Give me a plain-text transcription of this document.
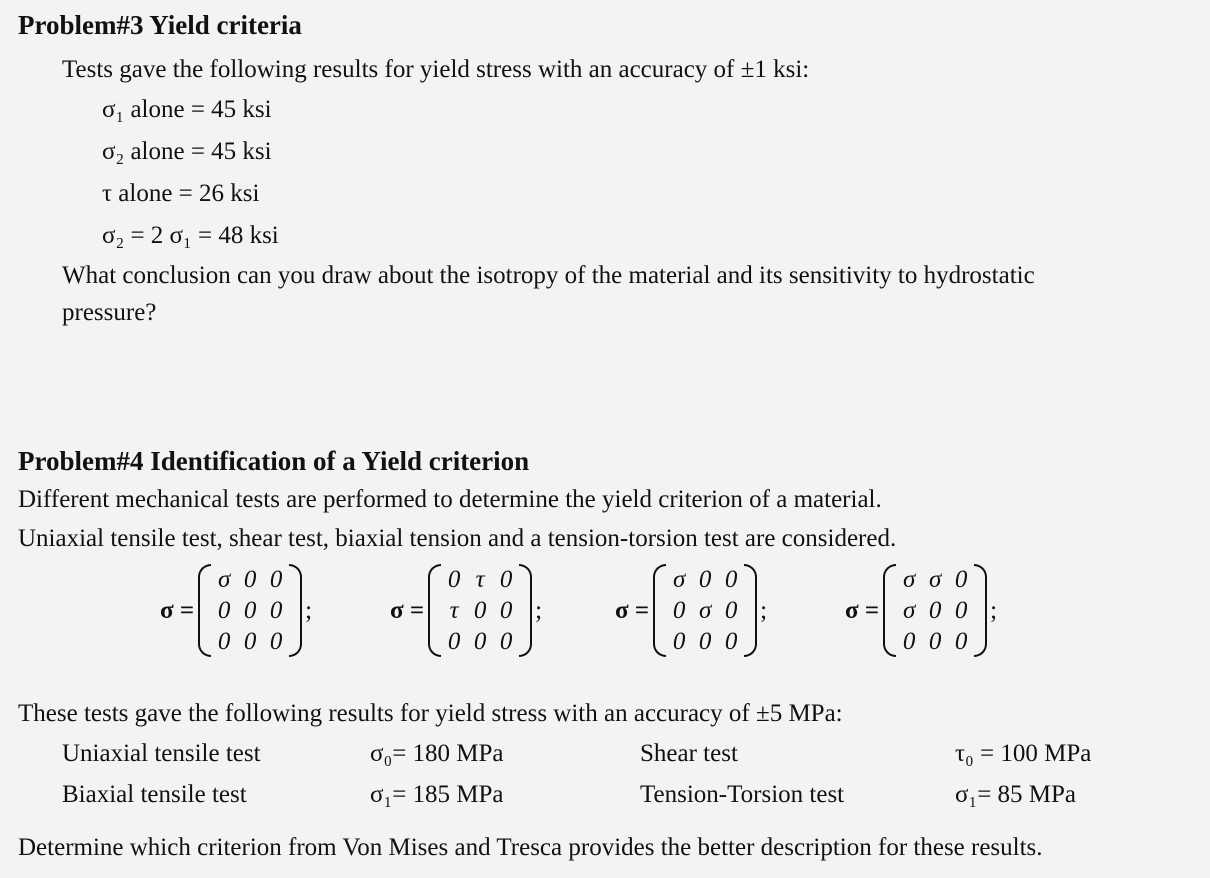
Problem#3 Yield criteria
Tests gave the following results for yield stress with an accuracy of ±1 ksi:
σ₁ alone = 45 ksi
σ₂ alone = 45 ksi
τ alone = 26 ksi
σ₂ = 2 σ₁ = 48 ksi
What conclusion can you draw about the isotropy of the material and its sensitivity to hydrostatic
pressure?
Problem#4 Identification of a Yield criterion
Different mechanical tests are performed to determine the yield criterion of a material.
Uniaxial tensile test, shear test, biaxial tension and a tension-torsion test are considered.
σ =
σ	0	0
0	0	0
0	0	0
;	σ =
0	τ	0
τ	0	0
0	0	0
;	σ =
σ	0	0
0	σ	0
0	0	0
;	σ =
σ	σ	0
σ	0	0
0	0	0
;
These tests gave the following results for yield stress with an accuracy of ±5 MPa:
Uniaxial tensile test	σ₀= 180 MPa	Shear test	τ₀ = 100 MPa
Biaxial tensile test	σ₁= 185 MPa	Tension-Torsion test	σ₁= 85 MPa
Determine which criterion from Von Mises and Tresca provides the better description for these results.
